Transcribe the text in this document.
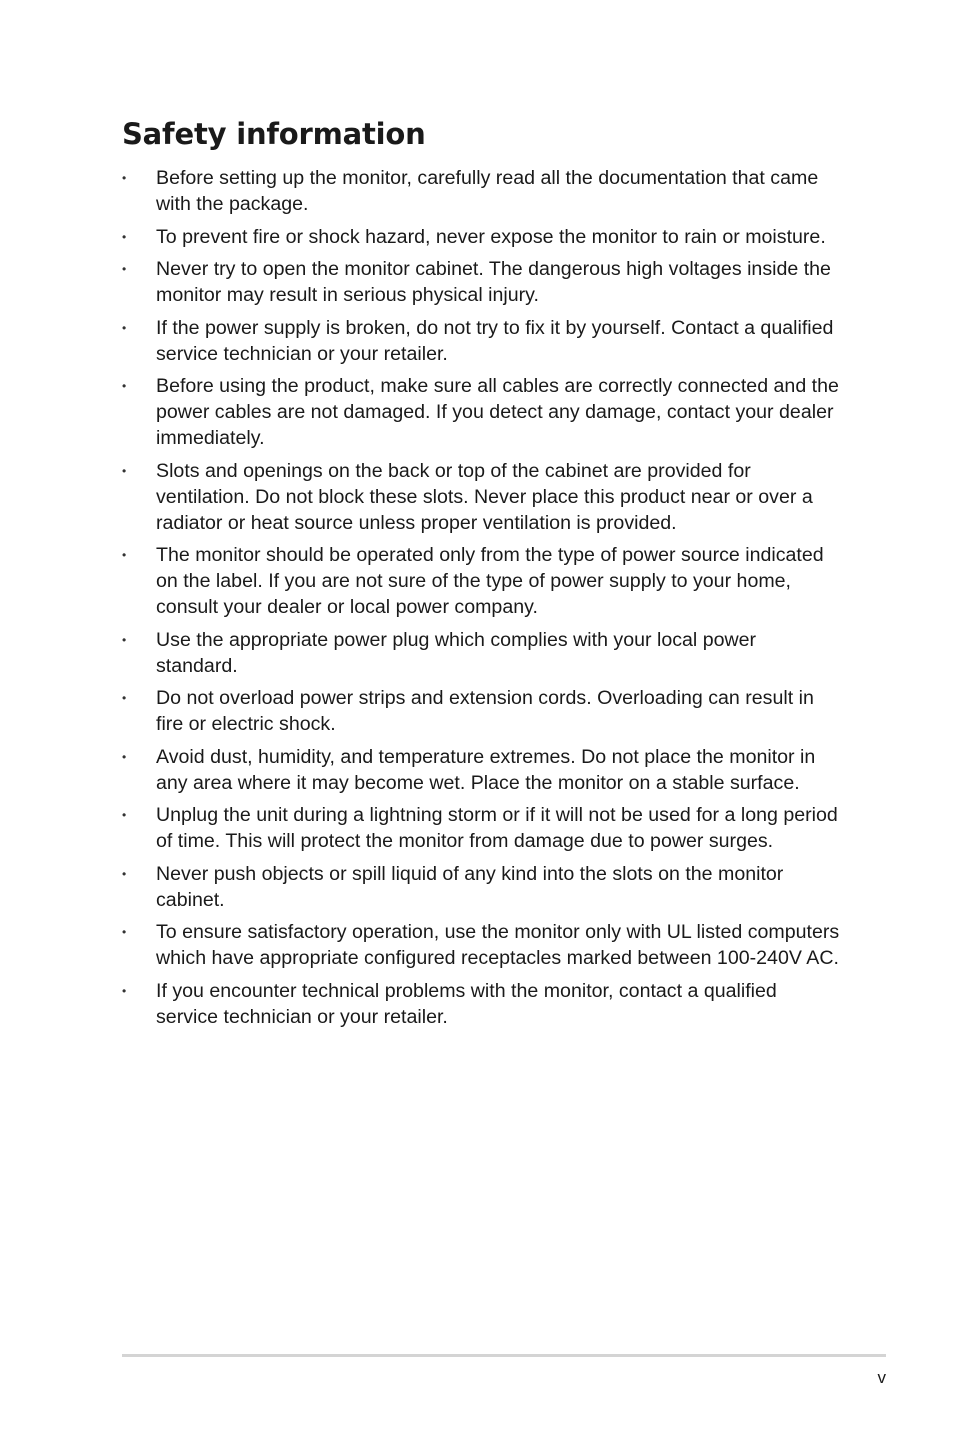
Safety information
•	Before setting up the monitor, carefully read all the documentation that came with the package.
•	To prevent fire or shock hazard, never expose the monitor to rain or moisture.
•	Never try to open the monitor cabinet. The dangerous high voltages inside the monitor may result in serious physical injury.
•	If the power supply is broken, do not try to fix it by yourself. Contact a qualified service technician or your retailer.
•	Before using the product, make sure all cables are correctly connected and the power cables are not damaged. If you detect any damage, contact your dealer immediately.
•	Slots and openings on the back or top of the cabinet are provided for ventilation. Do not block these slots. Never place this product near or over a radiator or heat source unless proper ventilation is provided.
•	The monitor should be operated only from the type of power source indicated on the label. If you are not sure of the type of power supply to your home, consult your dealer or local power company.
•	Use the appropriate power plug which complies with your local power standard.
•	Do not overload power strips and extension cords. Overloading can result in fire or electric shock.
•	Avoid dust, humidity, and temperature extremes. Do not place the monitor in any area where it may become wet. Place the monitor on a stable surface.
•	Unplug the unit during a lightning storm or if it will not be used for a long period of time. This will protect the monitor from damage due to power surges.
•	Never push objects or spill liquid of any kind into the slots on the monitor cabinet.
•	To ensure satisfactory operation, use the monitor only with UL listed computers which have appropriate configured receptacles marked between 100-240V AC.
•	If you encounter technical problems with the monitor, contact a qualified service technician or your retailer.
v
